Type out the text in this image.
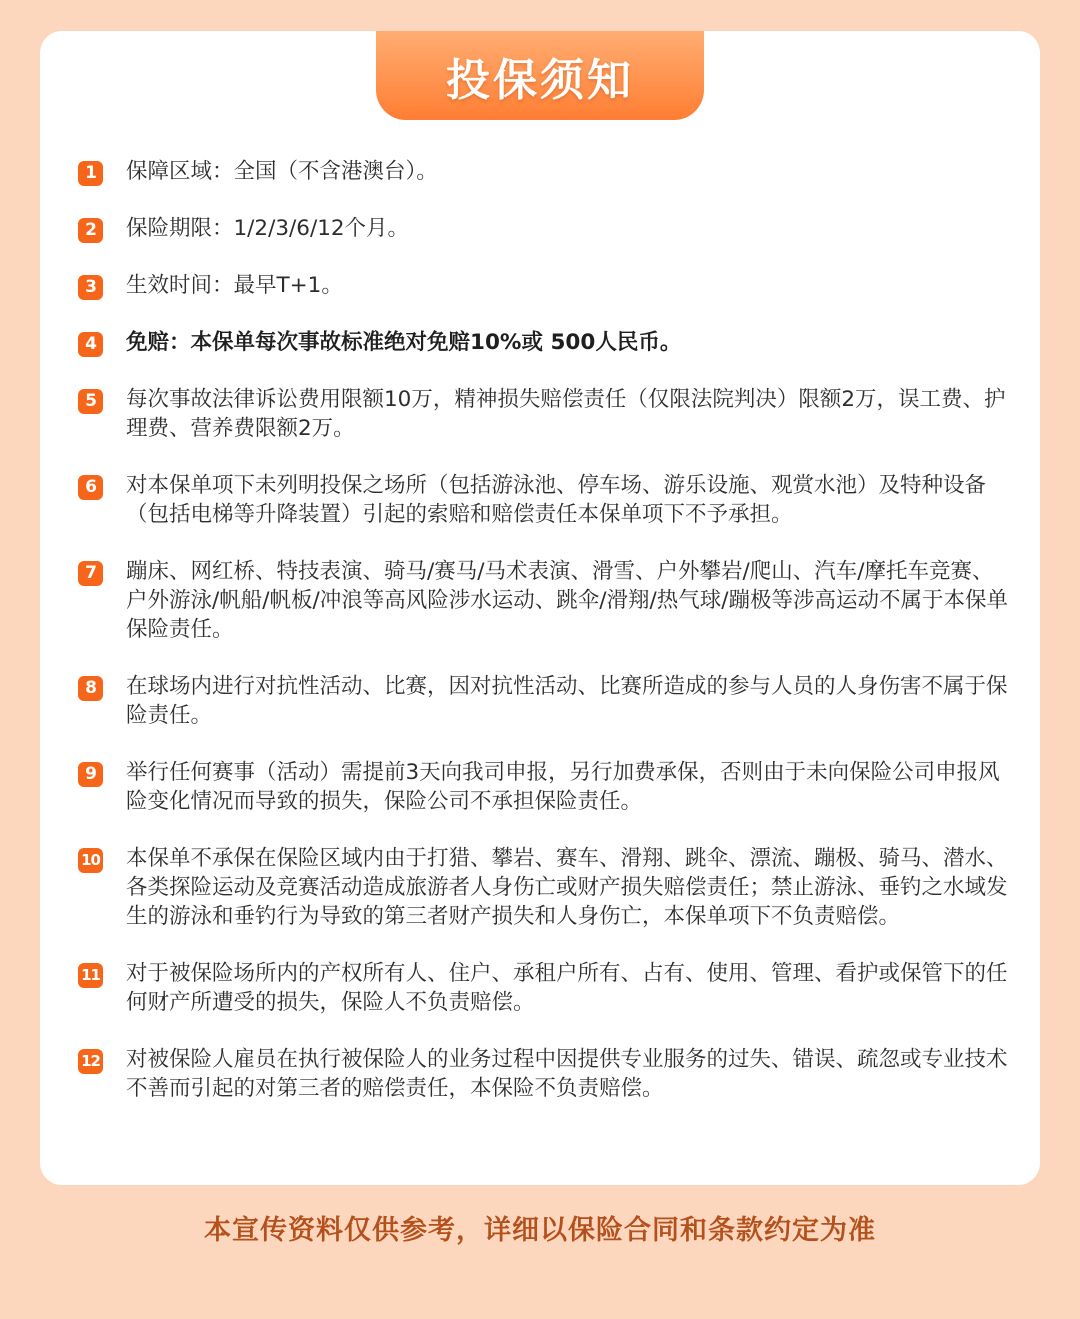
投保须知
1	保障区域：全国（不含港澳台）。
2	保险期限：1/2/3/6/12个月。
3	生效时间：最早T+1。
4	免赔：本保单每次事故标准绝对免赔10%或 500人民币。
5	每次事故法律诉讼费用限额10万，精神损失赔偿责任（仅限法院判决）限额2万，误工费、护理费、营养费限额2万。
6	对本保单项下未列明投保之场所（包括游泳池、停车场、游乐设施、观赏水池）及特种设备（包括电梯等升降装置）引起的索赔和赔偿责任本保单项下不予承担。
7	蹦床、网红桥、特技表演、骑马/赛马/马术表演、滑雪、户外攀岩/爬山、汽车/摩托车竞赛、户外游泳/帆船/帆板/冲浪等高风险涉水运动、跳伞/滑翔/热气球/蹦极等涉高运动不属于本保单保险责任。
8	在球场内进行对抗性活动、比赛，因对抗性活动、比赛所造成的参与人员的人身伤害不属于保险责任。
9	举行任何赛事（活动）需提前3天向我司申报，另行加费承保，否则由于未向保险公司申报风险变化情况而导致的损失，保险公司不承担保险责任。
10 本保单不承保在保险区域内由于打猎、攀岩、赛车、滑翔、跳伞、漂流、蹦极、骑马、潜水、各类探险运动及竞赛活动造成旅游者人身伤亡或财产损失赔偿责任；禁止游泳、垂钓之水域发生的游泳和垂钓行为导致的第三者财产损失和人身伤亡，本保单项下不负责赔偿。
11 对于被保险场所内的产权所有人、住户、承租户所有、占有、使用、管理、看护或保管下的任何财产所遭受的损失，保险人不负责赔偿。
12 对被保险人雇员在执行被保险人的业务过程中因提供专业服务的过失、错误、疏忽或专业技术不善而引起的对第三者的赔偿责任，本保险不负责赔偿。
本宣传资料仅供参考，详细以保险合同和条款约定为准
